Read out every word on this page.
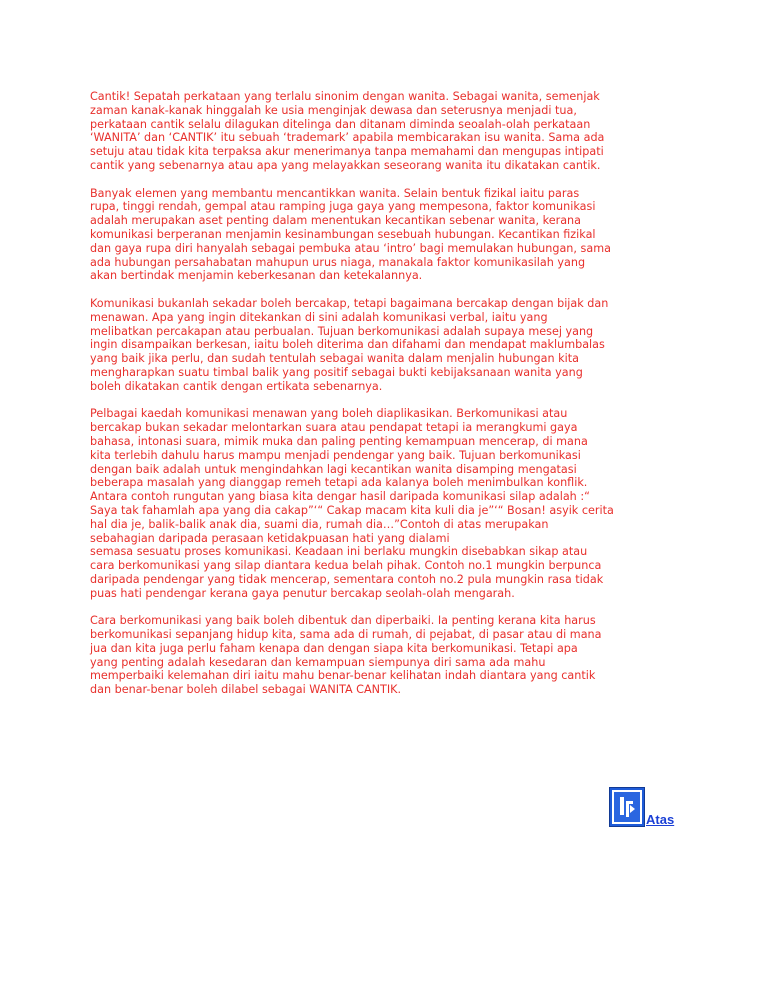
Cantik! Sepatah perkataan yang terlalu sinonim dengan wanita. Sebagai wanita, semenjak
zaman kanak-kanak hinggalah ke usia menginjak dewasa dan seterusnya menjadi tua,
perkataan cantik selalu dilagukan ditelinga dan ditanam diminda seoalah-olah perkataan
‘WANITA’ dan ‘CANTIK’ itu sebuah ‘trademark’ apabila membicarakan isu wanita. Sama ada
setuju atau tidak kita terpaksa akur menerimanya tanpa memahami dan mengupas intipati
cantik yang sebenarnya atau apa yang melayakkan seseorang wanita itu dikatakan cantik.

Banyak elemen yang membantu mencantikkan wanita. Selain bentuk fizikal iaitu paras
rupa, tinggi rendah, gempal atau ramping juga gaya yang mempesona, faktor komunikasi
adalah merupakan aset penting dalam menentukan kecantikan sebenar wanita, kerana
komunikasi berperanan menjamin kesinambungan sesebuah hubungan. Kecantikan fizikal
dan gaya rupa diri hanyalah sebagai pembuka atau ‘intro’ bagi memulakan hubungan, sama
ada hubungan persahabatan mahupun urus niaga, manakala faktor komunikasilah yang
akan bertindak menjamin keberkesanan dan ketekalannya.

Komunikasi bukanlah sekadar boleh bercakap, tetapi bagaimana bercakap dengan bijak dan
menawan. Apa yang ingin ditekankan di sini adalah komunikasi verbal, iaitu yang
melibatkan percakapan atau perbualan. Tujuan berkomunikasi adalah supaya mesej yang
ingin disampaikan berkesan, iaitu boleh diterima dan difahami dan mendapat maklumbalas
yang baik jika perlu, dan sudah tentulah sebagai wanita dalam menjalin hubungan kita
mengharapkan suatu timbal balik yang positif sebagai bukti kebijaksanaan wanita yang
boleh dikatakan cantik dengan ertikata sebenarnya.

Pelbagai kaedah komunikasi menawan yang boleh diaplikasikan. Berkomunikasi atau
bercakap bukan sekadar melontarkan suara atau pendapat tetapi ia merangkumi gaya
bahasa, intonasi suara, mimik muka dan paling penting kemampuan mencerap, di mana
kita terlebih dahulu harus mampu menjadi pendengar yang baik. Tujuan berkomunikasi
dengan baik adalah untuk mengindahkan lagi kecantikan wanita disamping mengatasi
beberapa masalah yang dianggap remeh tetapi ada kalanya boleh menimbulkan konflik.
Antara contoh rungutan yang biasa kita dengar hasil daripada komunikasi silap adalah :“
Saya tak fahamlah apa yang dia cakap”‘“ Cakap macam kita kuli dia je”‘“ Bosan! asyik cerita
hal dia je, balik-balik anak dia, suami dia, rumah dia…”Contoh di atas merupakan
sebahagian daripada perasaan ketidakpuasan hati yang dialami
semasa sesuatu proses komunikasi. Keadaan ini berlaku mungkin disebabkan sikap atau
cara berkomunikasi yang silap diantara kedua belah pihak. Contoh no.1 mungkin berpunca
daripada pendengar yang tidak mencerap, sementara contoh no.2 pula mungkin rasa tidak
puas hati pendengar kerana gaya penutur bercakap seolah-olah mengarah.

Cara berkomunikasi yang baik boleh dibentuk dan diperbaiki. Ia penting kerana kita harus
berkomunikasi sepanjang hidup kita, sama ada di rumah, di pejabat, di pasar atau di mana
jua dan kita juga perlu faham kenapa dan dengan siapa kita berkomunikasi. Tetapi apa
yang penting adalah kesedaran dan kemampuan siempunya diri sama ada mahu
memperbaiki kelemahan diri iaitu mahu benar-benar kelihatan indah diantara yang cantik
dan benar-benar boleh dilabel sebagai WANITA CANTIK.

Atas
